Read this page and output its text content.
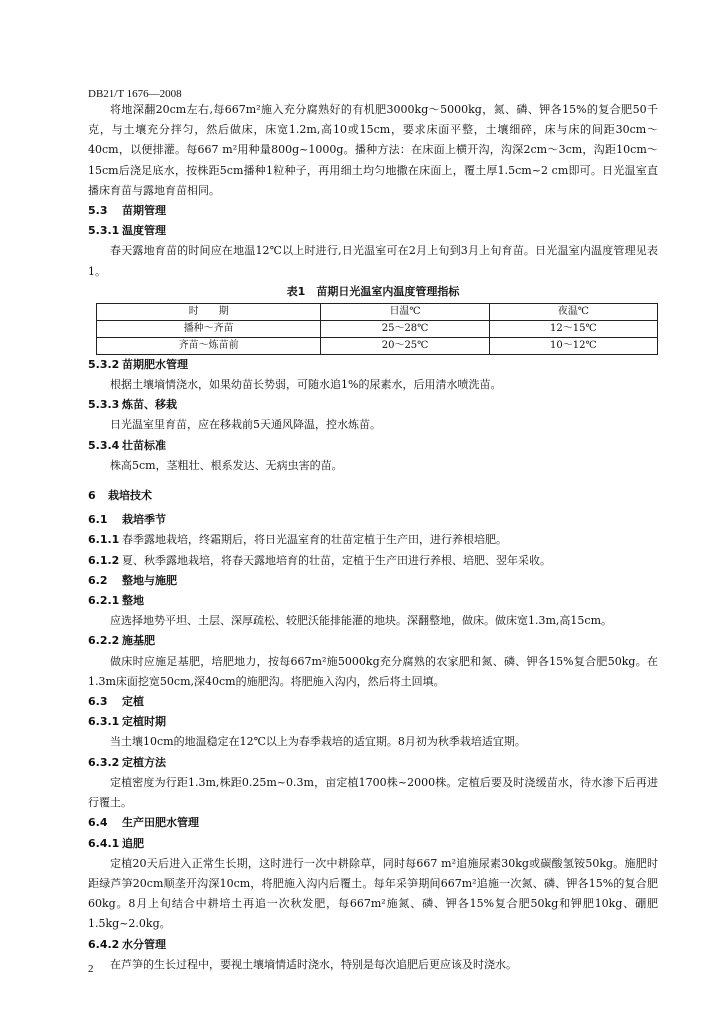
DB21/T 1676—2008

将地深翻20cm左右,每667m²施入充分腐熟好的有机肥3000kg～5000kg，氮、磷、钾各15%的复合肥50千克，与土壤充分拌匀，然后做床，床宽1.2m,高10或15cm，要求床面平整，土壤细碎，床与床的间距30cm～40cm，以便排灌。每667 m²用种量800g~1000g。播种方法：在床面上横开沟，沟深2cm～3cm，沟距10cm～15cm后浇足底水，按株距5cm播种1粒种子，再用细土均匀地撒在床面上，覆土厚1.5cm~2 cm即可。日光温室直播床育苗与露地育苗相同。

5.3 苗期管理
5.3.1 温度管理

春天露地育苗的时间应在地温12℃以上时进行,日光温室可在2月上旬到3月上旬育苗。日光温室内温度管理见表1。

表1　苗期日光温室内温度管理指标
时　　期	日温℃	夜温℃
播种～齐苗	25～28℃	12～15℃
齐苗～炼苗前	20～25℃	10～12℃
5.3.2 苗期肥水管理

根据土壤墒情浇水，如果幼苗长势弱，可随水追1%的尿素水，后用清水喷洗苗。

5.3.3 炼苗、移栽

日光温室里育苗，应在移栽前5天通风降温，控水炼苗。

5.3.4 壮苗标准

株高5cm，茎粗壮、根系发达、无病虫害的苗。

6 栽培技术
6.1 栽培季节

6.1.1 春季露地栽培，终霜期后，将日光温室育的壮苗定植于生产田，进行养根培肥。

6.1.2 夏、秋季露地栽培，将春天露地培育的壮苗，定植于生产田进行养根、培肥、翌年采收。

6.2 整地与施肥
6.2.1 整地

应选择地势平坦、土层、深厚疏松、较肥沃能排能灌的地块。深翻整地，做床。做床宽1.3m,高15cm。

6.2.2 施基肥

做床时应施足基肥，培肥地力，按每667m²施5000kg充分腐熟的农家肥和氮、磷、钾各15%复合肥50kg。在1.3m床面挖宽50cm,深40cm的施肥沟。将肥施入沟内，然后将土回填。

6.3 定植
6.3.1 定植时期

当土壤10cm的地温稳定在12℃以上为春季栽培的适宜期。8月初为秋季栽培适宜期。

6.3.2 定植方法

定植密度为行距1.3m,株距0.25m~0.3m，亩定植1700株~2000株。定植后要及时浇缓苗水，待水渗下后再进行覆土。

6.4 生产田肥水管理
6.4.1 追肥

定植20天后进入正常生长期，这时进行一次中耕除草，同时每667 m²追施尿素30kg或碳酸氢铵50kg。施肥时距绿芦笋20cm顺垄开沟深10cm，将肥施入沟内后覆土。每年采笋期间667m²追施一次氮、磷、钾各15%的复合肥60kg。8月上旬结合中耕培土再追一次秋发肥，每667m²施氮、磷、钾各15%复合肥50kg和钾肥10kg、硼肥1.5kg~2.0kg。

6.4.2 水分管理

在芦笋的生长过程中，要视土壤墒情适时浇水，特别是每次追肥后更应该及时浇水。

2
